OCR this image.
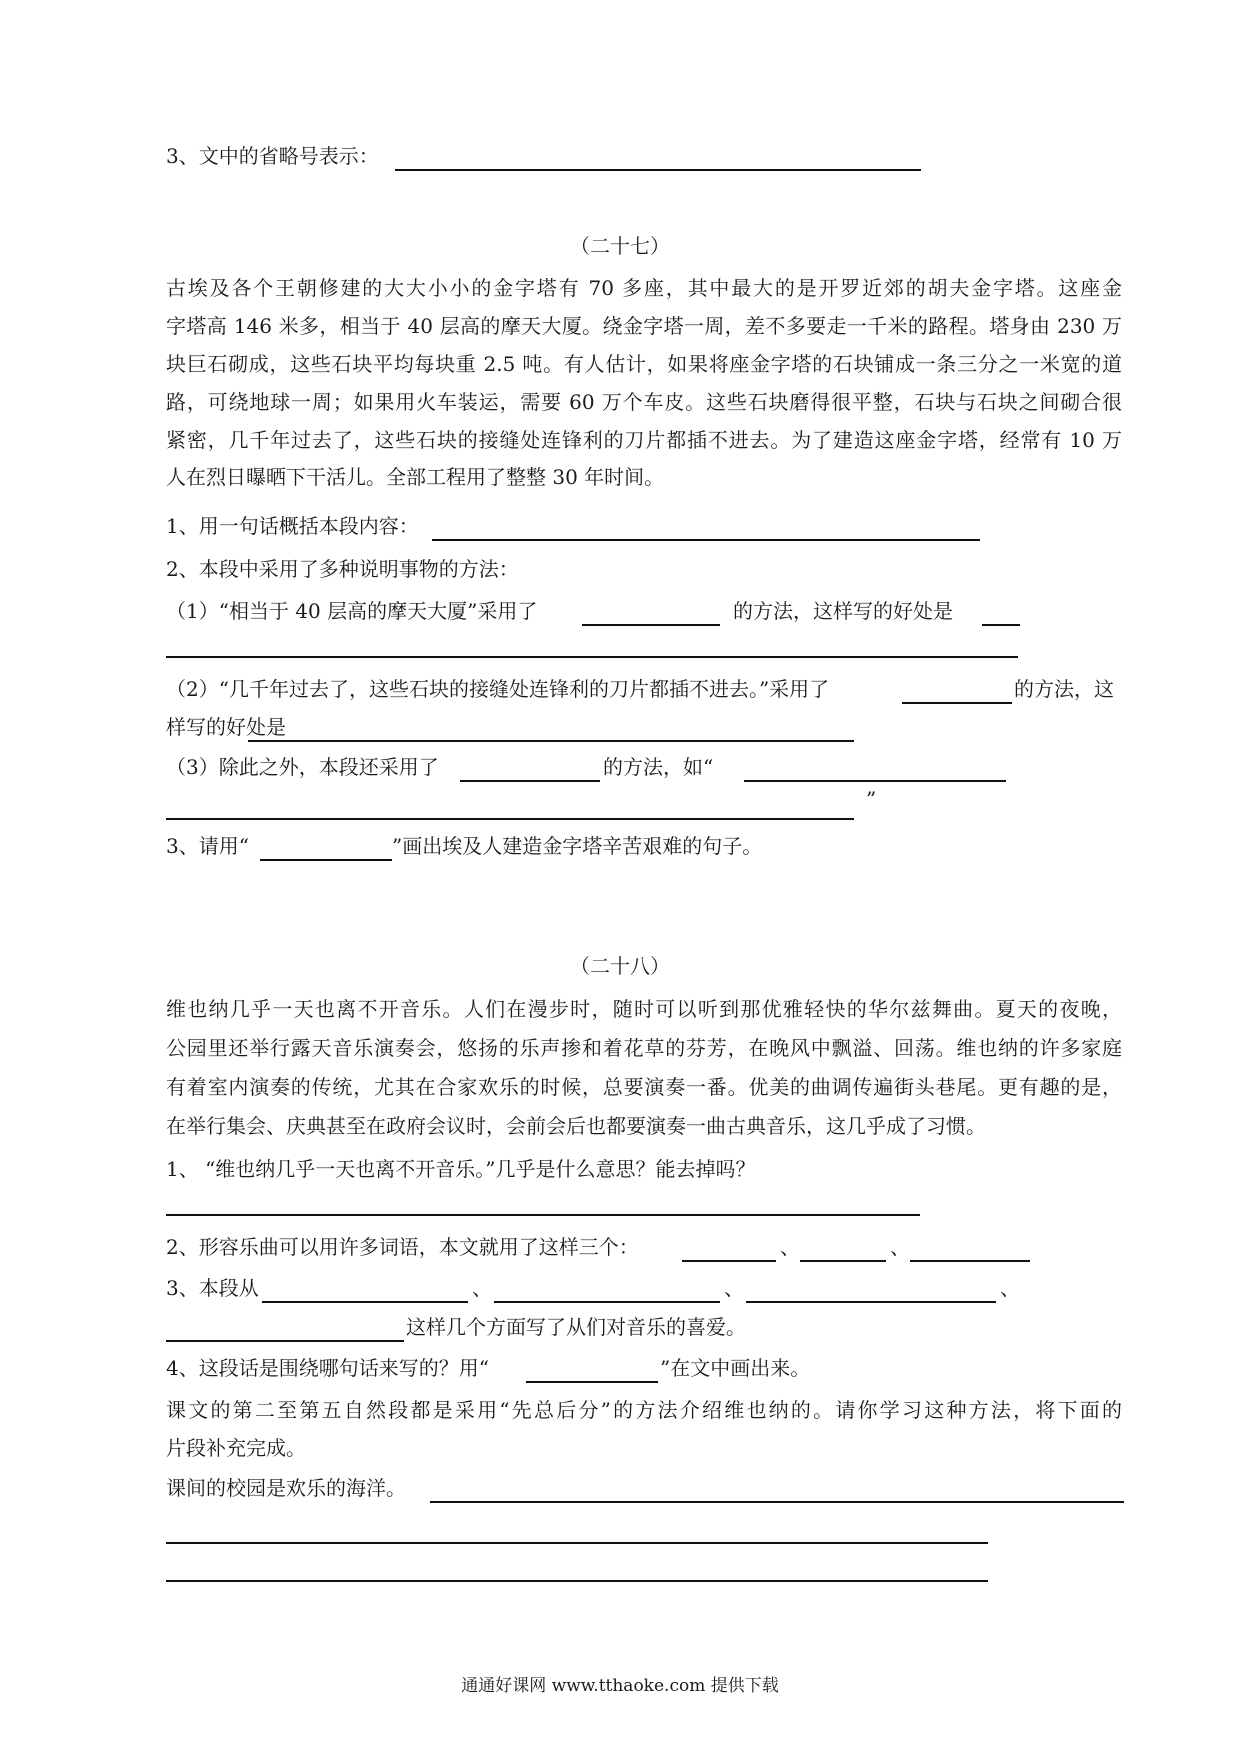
3、文中的省略号表示：
（二十七）
古埃及各个王朝修建的大大小小的金字塔有 70 多座，其中最大的是开罗近郊的胡夫金字塔。这座金
字塔高 146 米多，相当于 40 层高的摩天大厦。绕金字塔一周，差不多要走一千米的路程。塔身由 230 万
块巨石砌成，这些石块平均每块重 2.5 吨。有人估计，如果将座金字塔的石块铺成一条三分之一米宽的道
路，可绕地球一周；如果用火车装运，需要 60 万个车皮。这些石块磨得很平整，石块与石块之间砌合很
紧密，几千年过去了，这些石块的接缝处连锋利的刀片都插不进去。为了建造这座金字塔，经常有 10 万
人在烈日曝晒下干活儿。全部工程用了整整 30 年时间。
1、用一句话概括本段内容：
2、本段中采用了多种说明事物的方法：
（1）“相当于 40 层高的摩天大厦”采用了	的方法，这样写的好处是
（2）“几千年过去了，这些石块的接缝处连锋利的刀片都插不进去。”采用了	的方法，这
样写的好处是
（3）除此之外，本段还采用了	的方法，如“
”
3、请用“	”画出埃及人建造金字塔辛苦艰难的句子。
（二十八）
维也纳几乎一天也离不开音乐。人们在漫步时，随时可以听到那优雅轻快的华尔兹舞曲。夏天的夜晚，
公园里还举行露天音乐演奏会，悠扬的乐声掺和着花草的芬芳，在晚风中飘溢、回荡。维也纳的许多家庭
有着室内演奏的传统，尤其在合家欢乐的时候，总要演奏一番。优美的曲调传遍街头巷尾。更有趣的是，
在举行集会、庆典甚至在政府会议时，会前会后也都要演奏一曲古典音乐，这几乎成了习惯。
1、 “维也纳几乎一天也离不开音乐。”几乎是什么意思？能去掉吗？
2、形容乐曲可以用许多词语，本文就用了这样三个：	、	、
3、本段从	、	、	、
这样几个方面写了从们对音乐的喜爱。
4、这段话是围绕哪句话来写的？用“	”在文中画出来。
课文的第二至第五自然段都是采用“先总后分”的方法介绍维也纳的。请你学习这种方法，将下面的
片段补充完成。
课间的校园是欢乐的海洋。
通通好课网 www.tthaoke.com 提供下载
